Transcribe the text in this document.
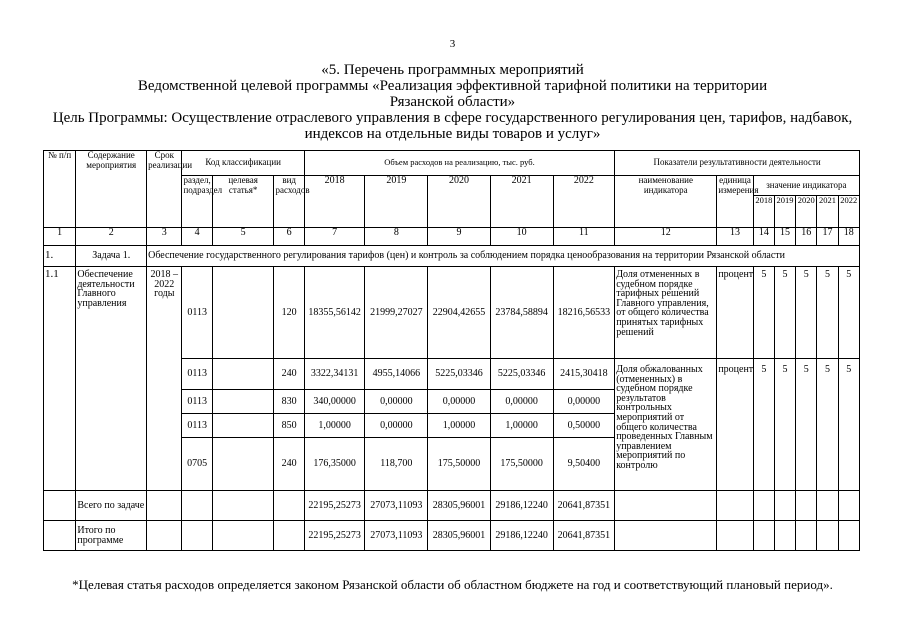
3
«5. Перечень программных мероприятий
Ведомственной целевой программы «Реализация эффективной тарифной политики на территории
Рязанской области»
Цель Программы: Осуществление отраслевого управления в сфере государственного регулирования цен, тарифов, надбавок,
индексов на отдельные виды товаров и услуг»
№ п/п	Содержание мероприятия	Срок реализации	Код классификации			Объем расходов на реализацию, тыс. руб.					Показатели результативности деятельности						
			раздел, подраздел	целевая статья*	вид расходов	2018	2019	2020	2021	2022	наименование индикатора	единица измерения	значение индикатора				
													2018	2019	2020	2021	2022
1	2	3	4	5	6	7	8	9	10	11	12	13	14	15	16	17	18
1.	Задача 1.	Обеспечение государственного регулирования тарифов (цен) и контроль за соблюдением порядка ценообразования на территории Рязанской области															
1.1	Обеспечение деятельности Главного управления	2018 – 2022 годы	0113		120	18355,56142	21999,27027	22904,42655	23784,58894	18216,56533	Доля отмененных в судебном порядке тарифных решений Главного управления, от общего количества принятых тарифных решений	процент	5	5	5	5	5
			0113		240	3322,34131	4955,14066	5225,03346	5225,03346	2415,30418	Доля обжалованных (отмененных) в судебном порядке результатов контрольных мероприятий от общего количества проведенных Главным управлением мероприятий по контролю	процент	5	5	5	5	5
			0113		830	340,00000	0,00000	0,00000	0,00000	0,00000							
			0113		850	1,00000	0,00000	1,00000	1,00000	0,50000							
			0705		240	176,35000	118,700	175,50000	175,50000	9,50400							
	Всего по задаче					22195,25273	27073,11093	28305,96001	29186,12240	20641,87351							
	Итого по программе					22195,25273	27073,11093	28305,96001	29186,12240	20641,87351							
*Целевая статья расходов определяется законом Рязанской области об областном бюджете на год и соответствующий плановый период».
